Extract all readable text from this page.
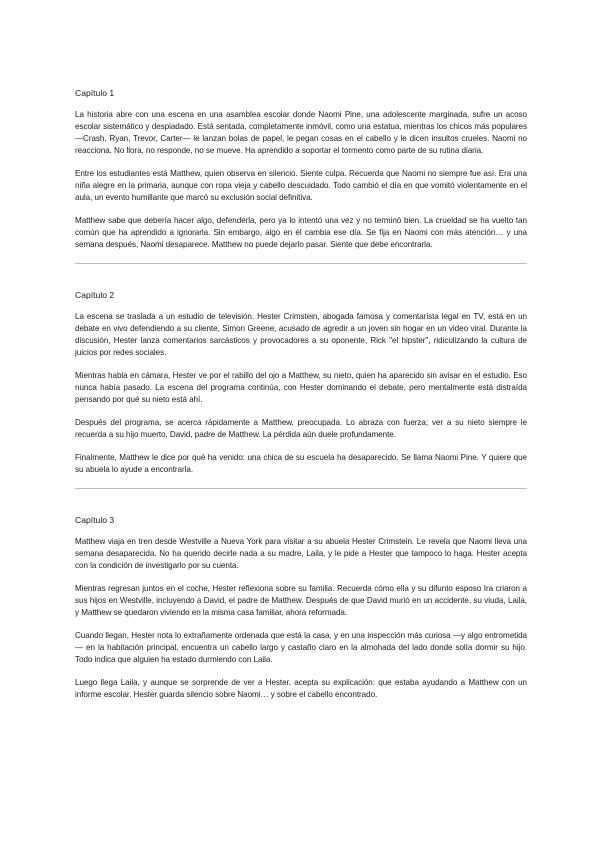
Capítulo 1

La historia abre con una escena en una asamblea escolar donde Naomi Pine, una adolescente marginada, sufre un acoso escolar sistemático y despiadado. Está sentada, completamente inmóvil, como una estatua, mientras los chicos más populares —Crash, Ryan, Trevor, Carter— le lanzan bolas de papel, le pegan cosas en el cabello y le dicen insultos crueles. Naomi no reacciona. No llora, no responde, no se mueve. Ha aprendido a soportar el tormento como parte de su rutina diaria.

Entre los estudiantes está Matthew, quien observa en silencio. Siente culpa. Recuerda que Naomi no siempre fue así. Era una niña alegre en la primaria, aunque con ropa vieja y cabello descuidado. Todo cambió el día en que vomitó violentamente en el aula, un evento humillante que marcó su exclusión social definitiva.

Matthew sabe que debería hacer algo, defenderla, pero ya lo intentó una vez y no terminó bien. La crueldad se ha vuelto tan común que ha aprendido a ignorarla. Sin embargo, algo en él cambia ese día. Se fija en Naomi con más atención… y una semana después, Naomi desaparece. Matthew no puede dejarlo pasar. Siente que debe encontrarla.

Capítulo 2

La escena se traslada a un estudio de televisión. Hester Crimstein, abogada famosa y comentarista legal en TV, está en un debate en vivo defendiendo a su cliente, Simon Greene, acusado de agredir a un joven sin hogar en un video viral. Durante la discusión, Hester lanza comentarios sarcásticos y provocadores a su oponente, Rick "el hipster", ridiculizando la cultura de juicios por redes sociales.

Mientras habla en cámara, Hester ve por el rabillo del ojo a Matthew, su nieto, quien ha aparecido sin avisar en el estudio. Eso nunca había pasado. La escena del programa continúa, con Hester dominando el debate, pero mentalmente está distraída pensando por qué su nieto está ahí.

Después del programa, se acerca rápidamente a Matthew, preocupada. Lo abraza con fuerza; ver a su nieto siempre le recuerda a su hijo muerto, David, padre de Matthew. La pérdida aún duele profundamente.

Finalmente, Matthew le dice por qué ha venido: una chica de su escuela ha desaparecido. Se llama Naomi Pine. Y quiere que su abuela lo ayude a encontrarla.

Capítulo 3

Matthew viaja en tren desde Westville a Nueva York para visitar a su abuela Hester Crimstein. Le revela que Naomi lleva una semana desaparecida. No ha querido decirle nada a su madre, Laila, y le pide a Hester que tampoco lo haga. Hester acepta con la condición de investigarlo por su cuenta.

Mientras regresan juntos en el coche, Hester reflexiona sobre su familia. Recuerda cómo ella y su difunto esposo Ira criaron a sus hijos en Westville, incluyendo a David, el padre de Matthew. Después de que David murió en un accidente, su viuda, Laila, y Matthew se quedaron viviendo en la misma casa familiar, ahora reformada.

Cuando llegan, Hester nota lo extrañamente ordenada que está la casa, y en una inspección más curiosa —y algo entrometida— en la habitación principal, encuentra un cabello largo y castaño claro en la almohada del lado donde solía dormir su hijo. Todo indica que alguien ha estado durmiendo con Laila.

Luego llega Laila, y aunque se sorprende de ver a Hester, acepta su explicación: que estaba ayudando a Matthew con un informe escolar. Hester guarda silencio sobre Naomi… y sobre el cabello encontrado.
